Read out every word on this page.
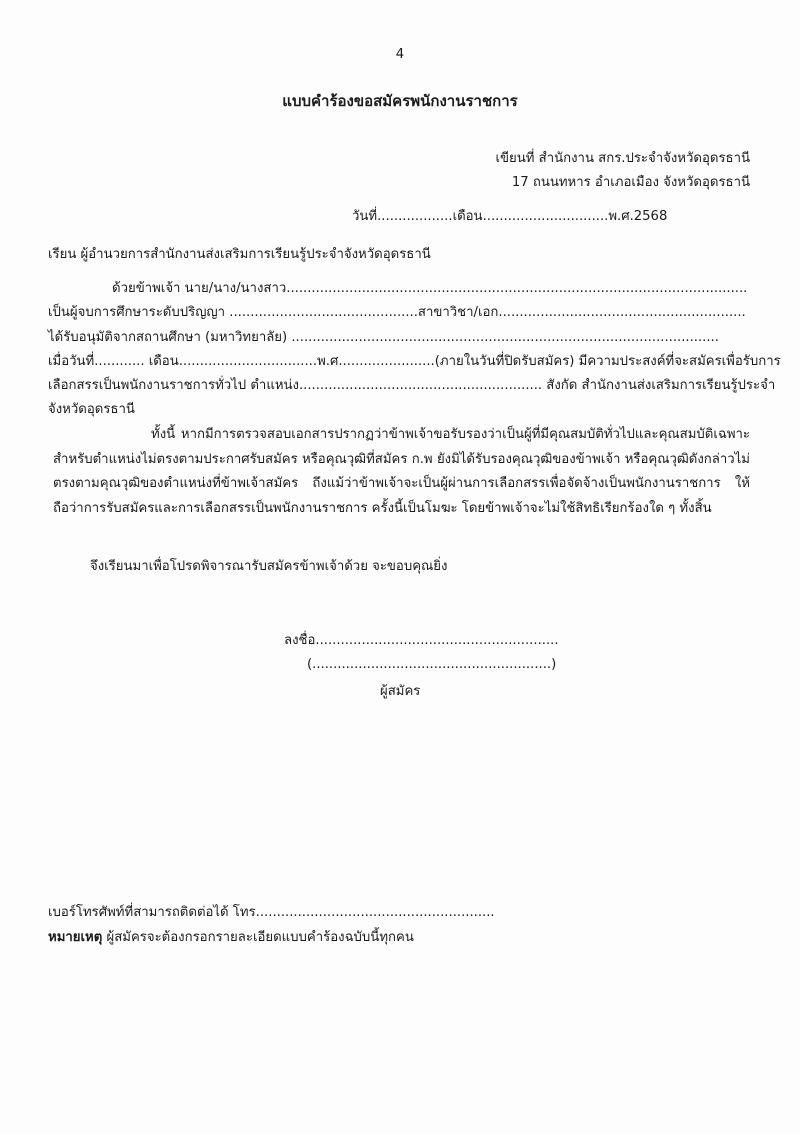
4
แบบคำร้องขอสมัครพนักงานราชการ
เขียนที่ สำนักงาน สกร.ประจำจังหวัดอุดรธานี
17 ถนนทหาร อำเภอเมือง จังหวัดอุดรธานี
วันที่..................เดือน..............................พ.ศ.2568
เรียน ผู้อำนวยการสำนักงานส่งเสริมการเรียนรู้ประจำจังหวัดอุดรธานี
ด้วยข้าพเจ้า นาย/นาง/นางสาว..............................................................................................................
เป็นผู้จบการศึกษาระดับปริญญา .............................................สาขาวิชา/เอก...........................................................
ได้รับอนุมัติจากสถานศึกษา (มหาวิทยาลัย) ......................................................................................................
เมื่อวันที่............ เดือน.................................พ.ศ.......................(ภายในวันที่ปิดรับสมัคร) มีความประสงค์ที่จะสมัครเพื่อรับการ
เลือกสรรเป็นพนักงานราชการทั่วไป ตำแหน่ง.......................................................... สังกัด สำนักงานส่งเสริมการเรียนรู้ประจำ
จังหวัดอุดรธานี
ทั้งนี้ หากมีการตรวจสอบเอกสารปรากฏว่าข้าพเจ้าขอรับรองว่าเป็นผู้ที่มีคุณสมบัติทั่วไปและคุณสมบัติเฉพาะสำหรับตำแหน่งไม่ตรงตามประกาศรับสมัคร หรือคุณวุฒิที่สมัคร ก.พ ยังมิได้รับรองคุณวุฒิของข้าพเจ้า หรือคุณวุฒิดังกล่าวไม่ตรงตามคุณวุฒิของตำแหน่งที่ข้าพเจ้าสมัคร ถึงแม้ว่าข้าพเจ้าจะเป็นผู้ผ่านการเลือกสรรเพื่อจัดจ้างเป็นพนักงานราชการ ให้ถือว่าการรับสมัครและการเลือกสรรเป็นพนักงานราชการ ครั้งนี้เป็นโมฆะ โดยข้าพเจ้าจะไม่ใช้สิทธิเรียกร้องใด ๆ ทั้งสิ้น
จึงเรียนมาเพื่อโปรดพิจารณารับสมัครข้าพเจ้าด้วย จะขอบคุณยิ่ง
ลงชื่อ..........................................................
(.........................................................)
ผู้สมัคร
เบอร์โทรศัพท์ที่สามารถติดต่อได้ โทร.........................................................
หมายเหตุ ผู้สมัครจะต้องกรอกรายละเอียดแบบคำร้องฉบับนี้ทุกคน
